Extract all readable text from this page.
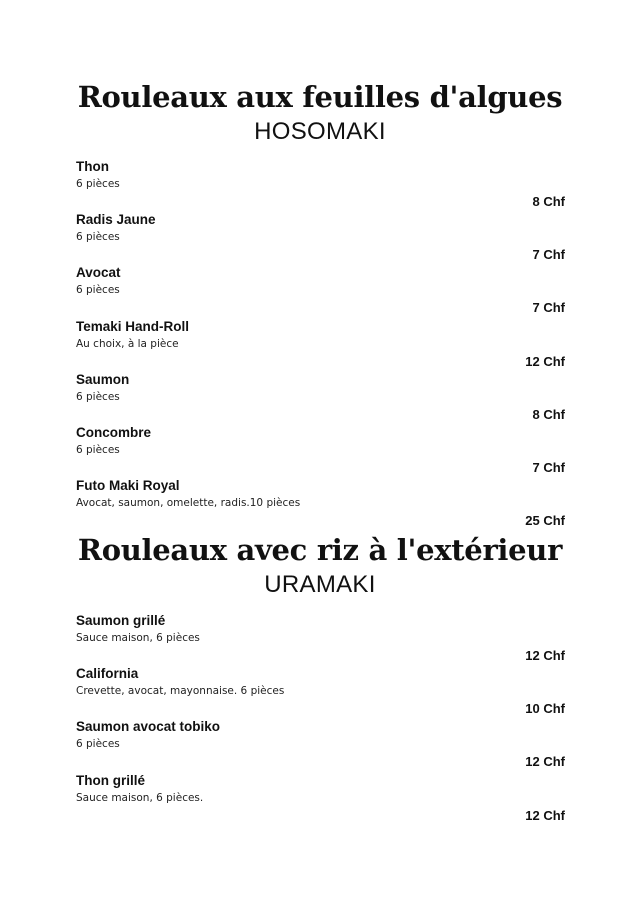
Rouleaux aux feuilles d'algues
HOSOMAKI
Thon
6 pièces
8 Chf
Radis Jaune
6 pièces
7 Chf
Avocat
6 pièces
7 Chf
Temaki Hand-Roll
Au choix, à la pièce
12 Chf
Saumon
6 pièces
8 Chf
Concombre
6 pièces
7 Chf
Futo Maki Royal
Avocat, saumon, omelette, radis.10 pièces
25 Chf
Rouleaux avec riz à l'extérieur
URAMAKI
Saumon grillé
Sauce maison, 6 pièces
12 Chf
California
Crevette, avocat, mayonnaise. 6 pièces
10 Chf
Saumon avocat tobiko
6 pièces
12 Chf
Thon grillé
Sauce maison, 6 pièces.
12 Chf
